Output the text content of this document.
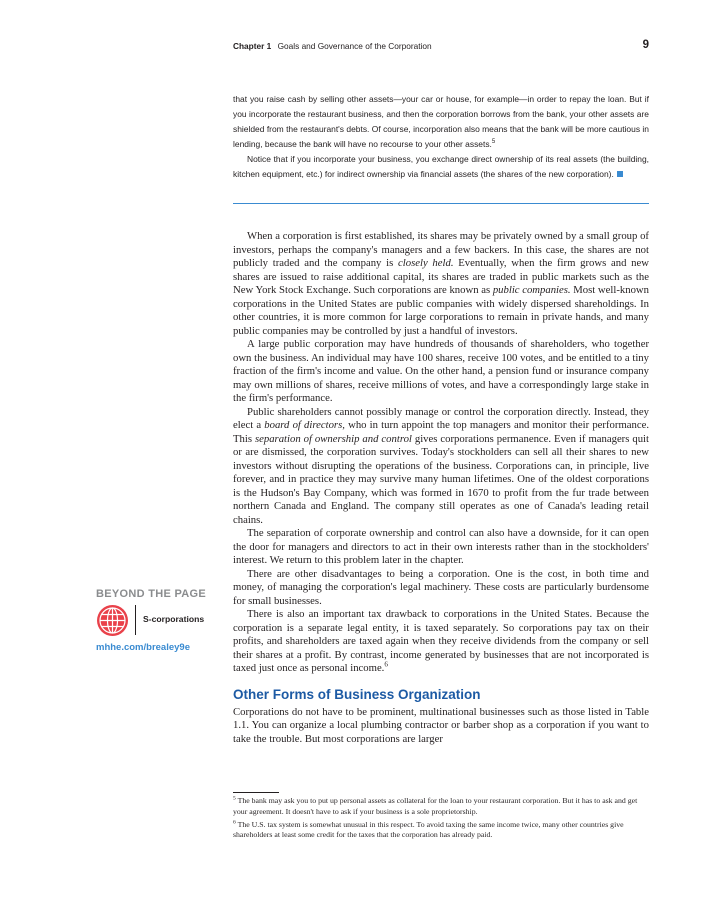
Chapter 1 Goals and Governance of the Corporation	9

that you raise cash by selling other assets—your car or house, for example—in order to repay the loan. But if you incorporate the restaurant business, and then the corporation borrows from the bank, your other assets are shielded from the restaurant's debts. Of course, incorporation also means that the bank will be more cautious in lending, because the bank will have no recourse to your other assets.$^5$

Notice that if you incorporate your business, you exchange direct ownership of its real assets (the building, kitchen equipment, etc.) for indirect ownership via financial assets (the shares of the new corporation).

When a corporation is first established, its shares may be privately owned by a small group of investors, perhaps the company's managers and a few backers. In this case, the shares are not publicly traded and the company is closely held. Eventually, when the firm grows and new shares are issued to raise additional capital, its shares are traded in public markets such as the New York Stock Exchange. Such corporations are known as public companies. Most well-known corporations in the United States are public companies with widely dispersed shareholdings. In other countries, it is more common for large corporations to remain in private hands, and many public companies may be controlled by just a handful of investors.

A large public corporation may have hundreds of thousands of shareholders, who together own the business. An individual may have 100 shares, receive 100 votes, and be entitled to a tiny fraction of the firm's income and value. On the other hand, a pension fund or insurance company may own millions of shares, receive millions of votes, and have a correspondingly large stake in the firm's performance.

Public shareholders cannot possibly manage or control the corporation directly. Instead, they elect a board of directors, who in turn appoint the top managers and monitor their performance. This separation of ownership and control gives corporations permanence. Even if managers quit or are dismissed, the corporation survives. Today's stockholders can sell all their shares to new investors without disrupting the operations of the business. Corporations can, in principle, live forever, and in practice they may survive many human lifetimes. One of the oldest corporations is the Hudson's Bay Company, which was formed in 1670 to profit from the fur trade between northern Canada and England. The company still operates as one of Canada's leading retail chains.

The separation of corporate ownership and control can also have a downside, for it can open the door for managers and directors to act in their own interests rather than in the stockholders' interest. We return to this problem later in the chapter.

There are other disadvantages to being a corporation. One is the cost, in both time and money, of managing the corporation's legal machinery. These costs are particularly burdensome for small businesses.

There is also an important tax drawback to corporations in the United States. Because the corporation is a separate legal entity, it is taxed separately. So corporations pay tax on their profits, and shareholders are taxed again when they receive dividends from the company or sell their shares at a profit. By contrast, income generated by businesses that are not incorporated is taxed just once as personal income.$^6$

Other Forms of Business Organization

Corporations do not have to be prominent, multinational businesses such as those listed in Table 1.1. You can organize a local plumbing contractor or barber shop as a corporation if you want to take the trouble. But most corporations are larger

BEYOND THE PAGE
S-corporations
mhhe.com/brealey9e

$^5$ The bank may ask you to put up personal assets as collateral for the loan to your restaurant corporation. But it has to ask and get your agreement. It doesn't have to ask if your business is a sole proprietorship.

$^6$ The U.S. tax system is somewhat unusual in this respect. To avoid taxing the same income twice, many other countries give shareholders at least some credit for the taxes that the corporation has already paid.
